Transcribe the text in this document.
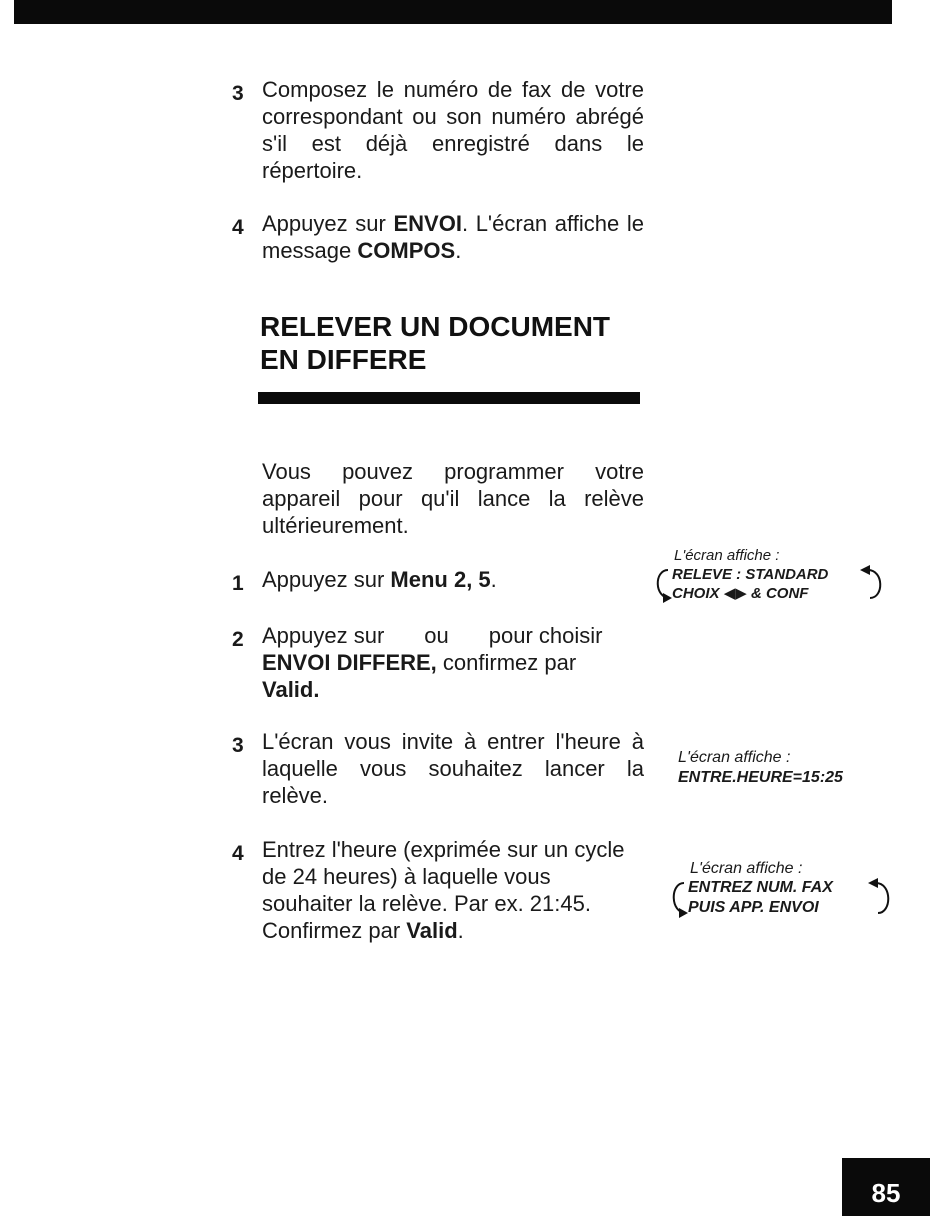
3 Composez le numéro de fax de votre correspondant ou son numéro abrégé s'il est déjà enregistré dans le répertoire.
4 Appuyez sur ENVOI. L'écran affiche le message COMPOS.
RELEVER UN DOCUMENT
EN DIFFERE
Vous pouvez programmer votre appareil pour qu'il lance la relève ultérieurement.
1 Appuyez sur Menu 2, 5.
2 Appuyez sur ou pour choisir
ENVOI DIFFERE, confirmez par
Valid.
3 L'écran vous invite à entrer l'heure à laquelle vous souhaitez lancer la relève.
4 Entrez l'heure (exprimée sur un cycle de 24 heures) à laquelle vous souhaiter la relève. Par ex. 21:45. Confirmez par Valid.
L'écran affiche :
RELEVE : STANDARD
CHOIX ◀▶ & CONF
L'écran affiche :
ENTRE.HEURE=15:25
L'écran affiche :
ENTREZ NUM. FAX
PUIS APP. ENVOI
85
